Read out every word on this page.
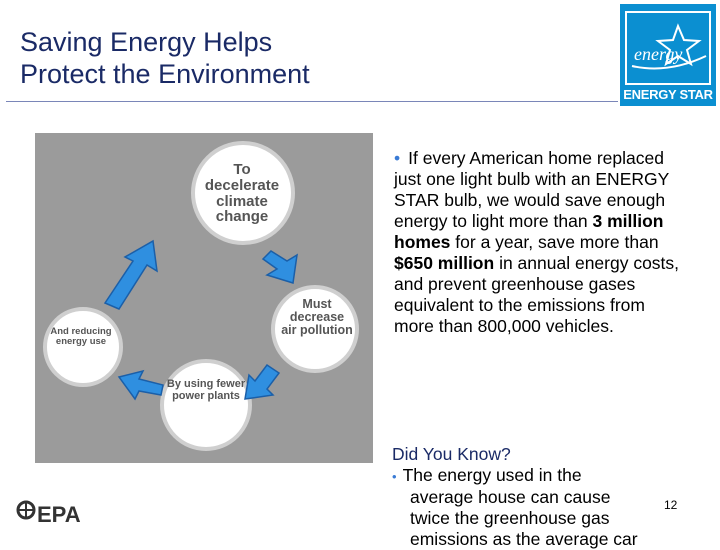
Saving Energy Helps
Protect the Environment
energy
ENERGY STAR
To decelerate climate change
Must decrease air pollution
By using fewer power plants
And reducing energy use
• If every American home replaced just one light bulb with an ENERGY STAR bulb, we would save enough energy to light more than 3 million homes for a year, save more than $650 million in annual energy costs, and prevent greenhouse gases equivalent to the emissions from more than 800,000 vehicles.
Did You Know?
• The energy used in the
average house can cause
twice the greenhouse gas
emissions as the average car
12
EPA
